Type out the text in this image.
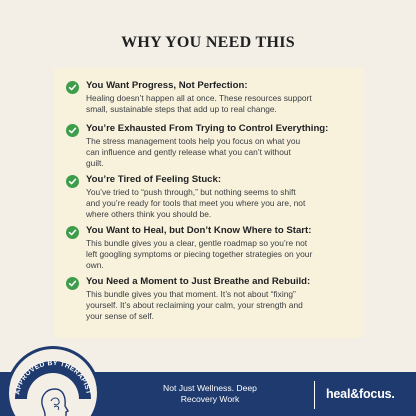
WHY YOU NEED THIS
You Want Progress, Not Perfection:
Healing doesn’t happen all at once. These resources support
small, sustainable steps that add up to real change.
You’re Exhausted From Trying to Control Everything:
The stress management tools help you focus on what you
can influence and gently release what you can’t without
guilt.
You’re Tired of Feeling Stuck:
You’ve tried to “push through,” but nothing seems to shift
and you’re ready for tools that meet you where you are, not
where others think you should be.
You Want to Heal, but Don’t Know Where to Start:
This bundle gives you a clear, gentle roadmap so you’re not
left googling symptoms or piecing together strategies on your
own.
You Need a Moment to Just Breathe and Rebuild:
This bundle gives you that moment. It’s not about “fixing”
yourself. It’s about reclaiming your calm, your strength and
your sense of self.
Not Just Wellness. Deep
Recovery Work	heal&focus.
APPROVED BY THERAPIST
